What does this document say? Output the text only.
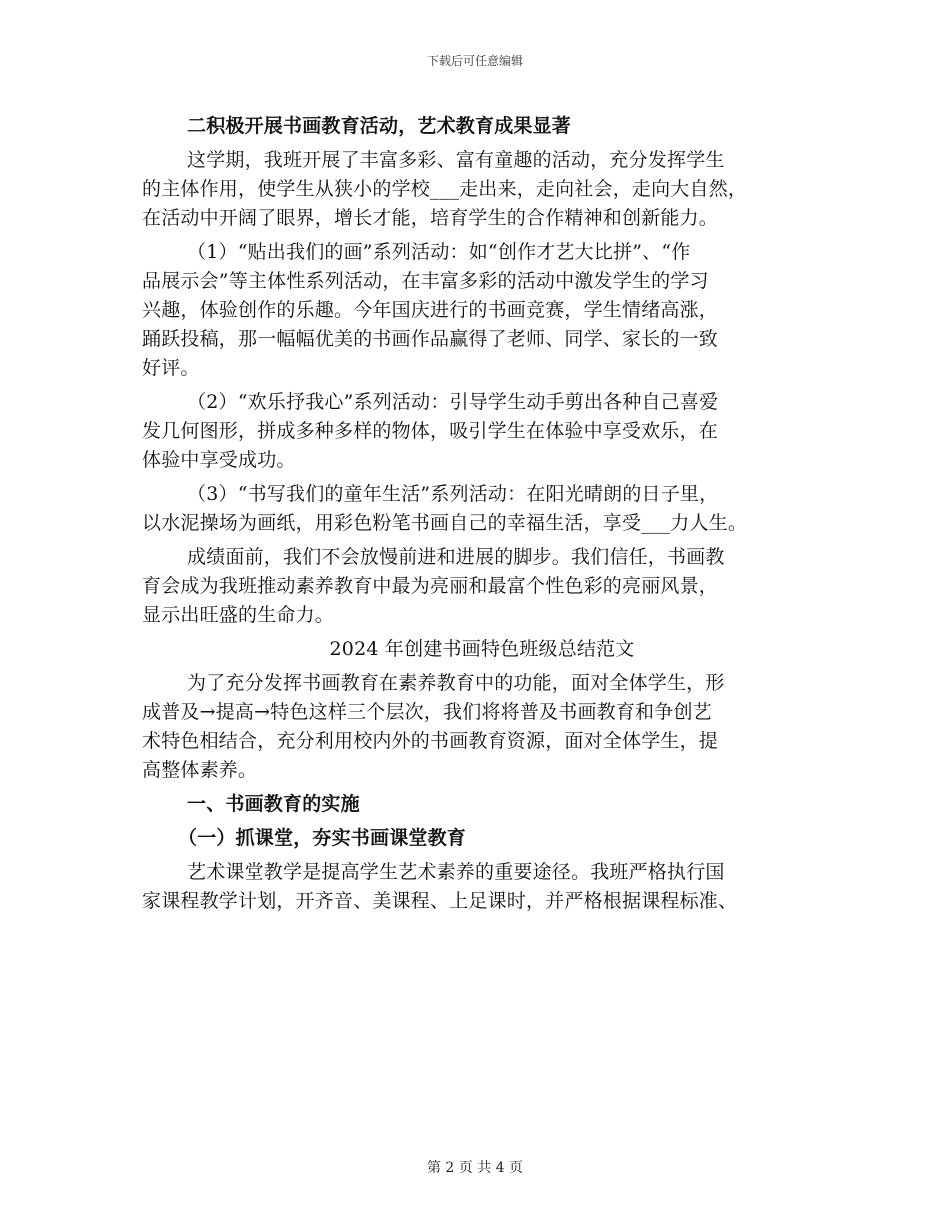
下载后可任意编辑
二积极开展书画教育活动，艺术教育成果显著
这学期，我班开展了丰富多彩、富有童趣的活动，充分发挥学生
的主体作用，使学生从狭小的学校___走出来，走向社会，走向大自然，
在活动中开阔了眼界，增长才能，培育学生的合作精神和创新能力。
（1）“贴出我们的画”系列活动：如“创作才艺大比拼”、“作
品展示会”等主体性系列活动，在丰富多彩的活动中激发学生的学习
兴趣，体验创作的乐趣。今年国庆进行的书画竞赛，学生情绪高涨，
踊跃投稿，那一幅幅优美的书画作品赢得了老师、同学、家长的一致
好评。
（2）“欢乐抒我心”系列活动：引导学生动手剪出各种自己喜爱
发几何图形，拼成多种多样的物体，吸引学生在体验中享受欢乐，在
体验中享受成功。
（3）“书写我们的童年生活”系列活动：在阳光晴朗的日子里，
以水泥操场为画纸，用彩色粉笔书画自己的幸福生活，享受___力人生。
成绩面前，我们不会放慢前进和进展的脚步。我们信任，书画教
育会成为我班推动素养教育中最为亮丽和最富个性色彩的亮丽风景，
显示出旺盛的生命力。
2024 年创建书画特色班级总结范文
为了充分发挥书画教育在素养教育中的功能，面对全体学生，形
成普及→提高→特色这样三个层次，我们将将普及书画教育和争创艺
术特色相结合，充分利用校内外的书画教育资源，面对全体学生，提
高整体素养。
一、书画教育的实施
（一）抓课堂，夯实书画课堂教育
艺术课堂教学是提高学生艺术素养的重要途径。我班严格执行国
家课程教学计划，开齐音、美课程、上足课时，并严格根据课程标准、
第 2 页 共 4 页
